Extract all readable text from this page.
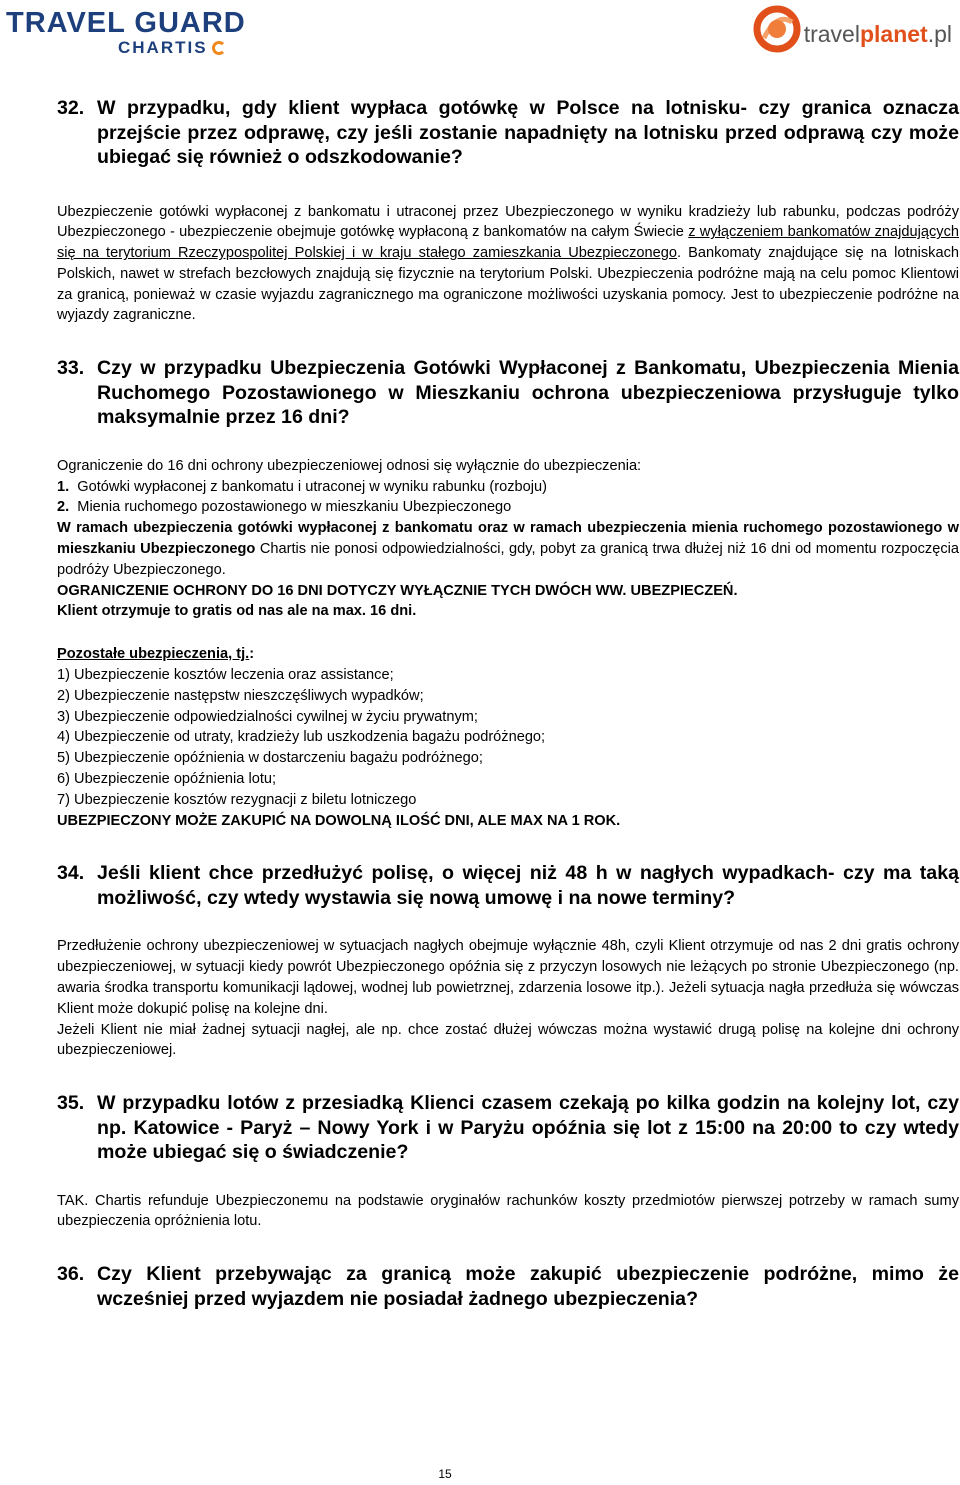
TRAVEL GUARD
CHARTIS
travelplanet.pl
32. W przypadku, gdy klient wypłaca gotówkę w Polsce na lotnisku- czy granica oznacza przejście przez odprawę, czy jeśli zostanie napadnięty na lotnisku przed odprawą czy może ubiegać się również o odszkodowanie?

Ubezpieczenie gotówki wypłaconej z bankomatu i utraconej przez Ubezpieczonego w wyniku kradzieży lub rabunku, podczas podróży Ubezpieczonego - ubezpieczenie obejmuje gotówkę wypłaconą z bankomatów na całym Świecie z wyłączeniem bankomatów znajdujących się na terytorium Rzeczypospolitej Polskiej i w kraju stałego zamieszkania Ubezpieczonego. Bankomaty znajdujące się na lotniskach Polskich, nawet w strefach bezcłowych znajdują się fizycznie na terytorium Polski. Ubezpieczenia podróżne mają na celu pomoc Klientowi za granicą, ponieważ w czasie wyjazdu zagranicznego ma ograniczone możliwości uzyskania pomocy. Jest to ubezpieczenie podróżne na wyjazdy zagraniczne.

33. Czy w przypadku Ubezpieczenia Gotówki Wypłaconej z Bankomatu, Ubezpieczenia Mienia Ruchomego Pozostawionego w Mieszkaniu ochrona ubezpieczeniowa przysługuje tylko maksymalnie przez 16 dni?

Ograniczenie do 16 dni ochrony ubezpieczeniowej odnosi się wyłącznie do ubezpieczenia:

1. Gotówki wypłaconej z bankomatu i utraconej w wyniku rabunku (rozboju)

2. Mienia ruchomego pozostawionego w mieszkaniu Ubezpieczonego

W ramach ubezpieczenia gotówki wypłaconej z bankomatu oraz w ramach ubezpieczenia mienia ruchomego pozostawionego w mieszkaniu Ubezpieczonego Chartis nie ponosi odpowiedzialności, gdy, pobyt za granicą trwa dłużej niż 16 dni od momentu rozpoczęcia podróży Ubezpieczonego.

OGRANICZENIE OCHRONY DO 16 DNI DOTYCZY WYŁĄCZNIE TYCH DWÓCH WW. UBEZPIECZEŃ.

Klient otrzymuje to gratis od nas ale na max. 16 dni.

Pozostałe ubezpieczenia, tj.:

1) Ubezpieczenie kosztów leczenia oraz assistance;

2) Ubezpieczenie następstw nieszczęśliwych wypadków;

3) Ubezpieczenie odpowiedzialności cywilnej w życiu prywatnym;

4) Ubezpieczenie od utraty, kradzieży lub uszkodzenia bagażu podróżnego;

5) Ubezpieczenie opóźnienia w dostarczeniu bagażu podróżnego;

6) Ubezpieczenie opóźnienia lotu;

7) Ubezpieczenie kosztów rezygnacji z biletu lotniczego

UBEZPIECZONY MOŻE ZAKUPIĆ NA DOWOLNĄ ILOŚĆ DNI, ALE MAX NA 1 ROK.

34. Jeśli klient chce przedłużyć polisę, o więcej niż 48 h w nagłych wypadkach- czy ma taką możliwość, czy wtedy wystawia się nową umowę i na nowe terminy?

Przedłużenie ochrony ubezpieczeniowej w sytuacjach nagłych obejmuje wyłącznie 48h, czyli Klient otrzymuje od nas 2 dni gratis ochrony ubezpieczeniowej, w sytuacji kiedy powrót Ubezpieczonego opóźnia się z przyczyn losowych nie leżących po stronie Ubezpieczonego (np. awaria środka transportu komunikacji lądowej, wodnej lub powietrznej, zdarzenia losowe itp.). Jeżeli sytuacja nagła przedłuża się wówczas Klient może dokupić polisę na kolejne dni.

Jeżeli Klient nie miał żadnej sytuacji nagłej, ale np. chce zostać dłużej wówczas można wystawić drugą polisę na kolejne dni ochrony ubezpieczeniowej.

35. W przypadku lotów z przesiadką Klienci czasem czekają po kilka godzin na kolejny lot, czy np. Katowice - Paryż – Nowy York i w Paryżu opóźnia się lot z 15:00 na 20:00 to czy wtedy może ubiegać się o świadczenie?

TAK. Chartis refunduje Ubezpieczonemu na podstawie oryginałów rachunków koszty przedmiotów pierwszej potrzeby w ramach sumy ubezpieczenia opróżnienia lotu.

36. Czy Klient przebywając za granicą może zakupić ubezpieczenie podróżne, mimo że wcześniej przed wyjazdem nie posiadał żadnego ubezpieczenia?
15
